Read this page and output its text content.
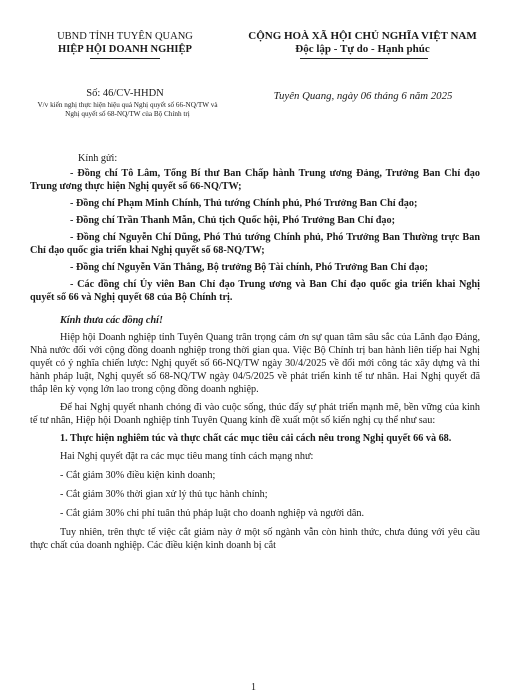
UBND TỈNH TUYÊN QUANG
HIỆP HỘI DOANH NGHIỆP
CỘNG HOÀ XÃ HỘI CHỦ NGHĨA VIỆT NAM
Độc lập - Tự do - Hạnh phúc
Số: 46/CV-HHDN
V/v kiến nghị thực hiện hiệu quả Nghị quyết số 66-NQ/TW và Nghị quyết số 68-NQ/TW của Bộ Chính trị
Tuyên Quang, ngày 06 tháng 6 năm 2025

Kính gửi:

- Đồng chí Tô Lâm, Tổng Bí thư Ban Chấp hành Trung ương Đảng, Trưởng Ban Chỉ đạo Trung ương thực hiện Nghị quyết số 66-NQ/TW;

- Đồng chí Phạm Minh Chính, Thủ tướng Chính phủ, Phó Trưởng Ban Chỉ đạo;

- Đồng chí Trần Thanh Mẫn, Chủ tịch Quốc hội, Phó Trưởng Ban Chỉ đạo;

- Đồng chí Nguyễn Chí Dũng, Phó Thủ tướng Chính phủ, Phó Trưởng Ban Thường trực Ban Chỉ đạo quốc gia triển khai Nghị quyết số 68-NQ/TW;

- Đồng chí Nguyễn Văn Thắng, Bộ trưởng Bộ Tài chính, Phó Trưởng Ban Chỉ đạo;

- Các đồng chí Ủy viên Ban Chỉ đạo Trung ương và Ban Chỉ đạo quốc gia triển khai Nghị quyết số 66 và Nghị quyết 68 của Bộ Chính trị.

Kính thưa các đồng chí!

Hiệp hội Doanh nghiệp tỉnh Tuyên Quang trân trọng cảm ơn sự quan tâm sâu sắc của Lãnh đạo Đảng, Nhà nước đối với cộng đồng doanh nghiệp trong thời gian qua. Việc Bộ Chính trị ban hành liên tiếp hai Nghị quyết có ý nghĩa chiến lược: Nghị quyết số 66-NQ/TW ngày 30/4/2025 về đổi mới công tác xây dựng và thi hành pháp luật, Nghị quyết số 68-NQ/TW ngày 04/5/2025 về phát triển kinh tế tư nhân. Hai Nghị quyết đã thắp lên kỳ vọng lớn lao trong cộng đồng doanh nghiệp.

Để hai Nghị quyết nhanh chóng đi vào cuộc sống, thúc đẩy sự phát triển mạnh mẽ, bền vững của kinh tế tư nhân, Hiệp hội Doanh nghiệp tỉnh Tuyên Quang kính đề xuất một số kiến nghị cụ thể như sau:

1. Thực hiện nghiêm túc và thực chất các mục tiêu cải cách nêu trong Nghị quyết 66 và 68.

Hai Nghị quyết đặt ra các mục tiêu mang tính cách mạng như:

- Cắt giảm 30% điều kiện kinh doanh;

- Cắt giảm 30% thời gian xử lý thủ tục hành chính;

- Cắt giảm 30% chi phí tuân thủ pháp luật cho doanh nghiệp và người dân.

Tuy nhiên, trên thực tế việc cắt giảm này ở một số ngành vẫn còn hình thức, chưa đúng với yêu cầu thực chất của doanh nghiệp. Các điều kiện kinh doanh bị cắt

1
